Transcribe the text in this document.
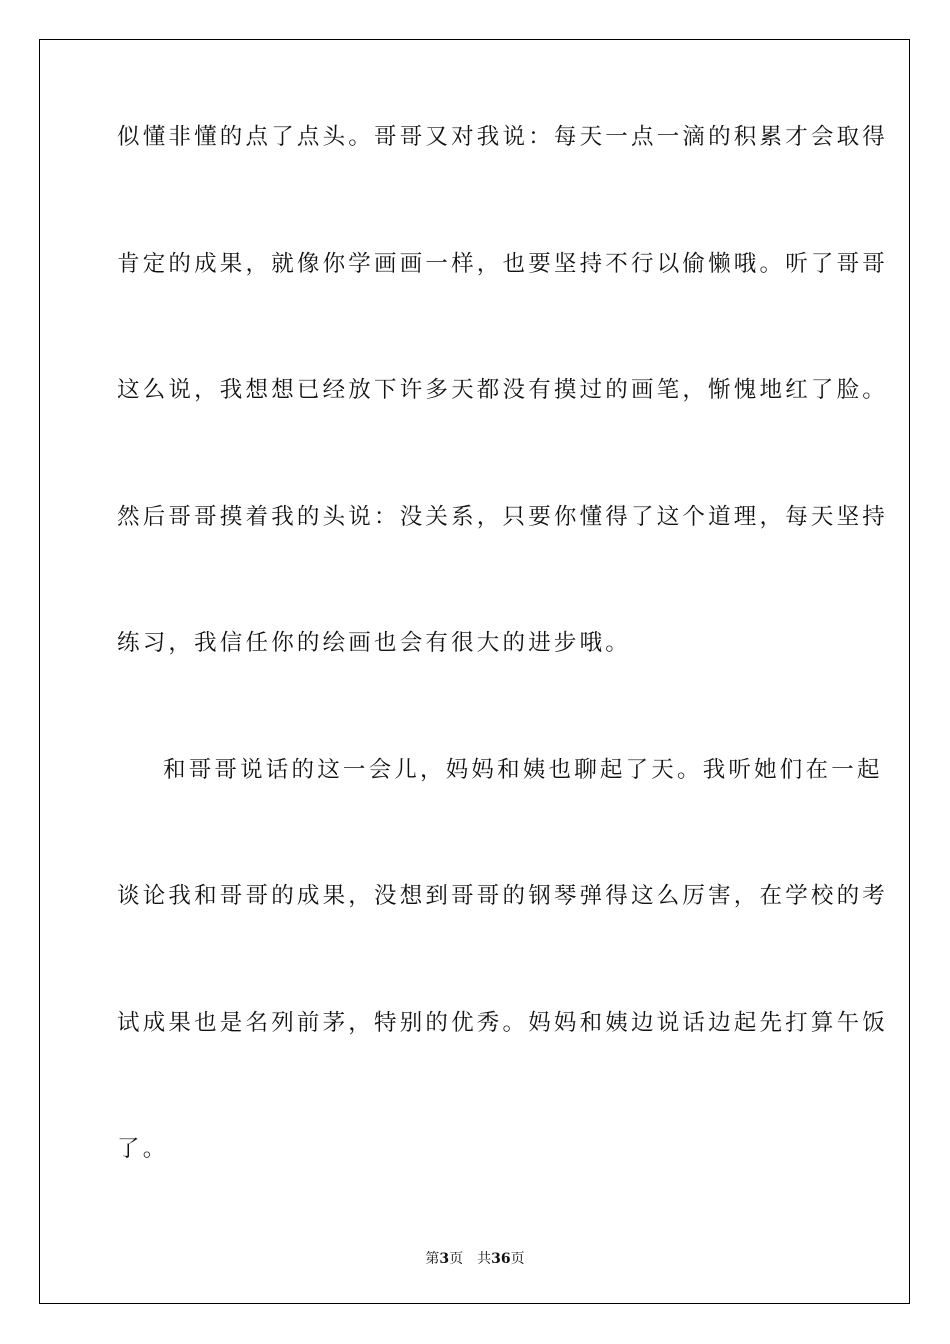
似懂非懂的点了点头。哥哥又对我说：每天一点一滴的积累才会取得
肯定的成果，就像你学画画一样，也要坚持不行以偷懒哦。听了哥哥
这么说，我想想已经放下许多天都没有摸过的画笔，惭愧地红了脸。
然后哥哥摸着我的头说：没关系，只要你懂得了这个道理，每天坚持
练习，我信任你的绘画也会有很大的进步哦。
和哥哥说话的这一会儿，妈妈和姨也聊起了天。我听她们在一起
谈论我和哥哥的成果，没想到哥哥的钢琴弹得这么厉害，在学校的考
试成果也是名列前茅，特别的优秀。妈妈和姨边说话边起先打算午饭
了。
第3页 共36页
